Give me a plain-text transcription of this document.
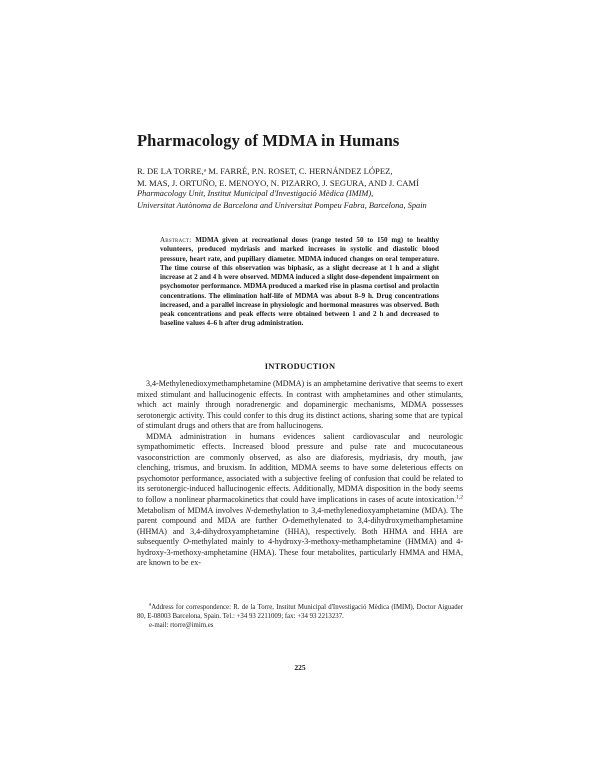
Pharmacology of MDMA in Humans
R. DE LA TORRE,ᵃ M. FARRÉ, P.N. ROSET, C. HERNÁNDEZ LÓPEZ,
M. MAS, J. ORTUÑO, E. MENOYO, N. PIZARRO, J. SEGURA, AND J. CAMÍ
Pharmacology Unit, Institut Municipal d'Investigació Mèdica (IMIM),
Universitat Autònoma de Barcelona and Universitat Pompeu Fabra, Barcelona, Spain
Abstract: MDMA given at recreational doses (range tested 50 to 150 mg) to healthy volunteers, produced mydriasis and marked increases in systolic and diastolic blood pressure, heart rate, and pupillary diameter. MDMA induced changes on oral temperature. The time course of this observation was biphasic, as a slight decrease at 1 h and a slight increase at 2 and 4 h were observed. MDMA induced a slight dose-dependent impairment on psychomotor performance. MDMA produced a marked rise in plasma cortisol and prolactin concentrations. The elimination half-life of MDMA was about 8–9 h. Drug concentrations increased, and a parallel increase in physiologic and hormonal measures was observed. Both peak concentrations and peak effects were obtained between 1 and 2 h and decreased to baseline values 4–6 h after drug administration.
INTRODUCTION

3,4-Methylenedioxymethamphetamine (MDMA) is an amphetamine derivative that seems to exert mixed stimulant and hallucinogenic effects. In contrast with amphetamines and other stimulants, which act mainly through noradrenergic and dopaminergic mechanisms, MDMA possesses serotonergic activity. This could confer to this drug its distinct actions, sharing some that are typical of stimulant drugs and others that are from hallucinogens.

MDMA administration in humans evidences salient cardiovascular and neurologic sympathomimetic effects. Increased blood pressure and pulse rate and mucocutaneous vasoconstriction are commonly observed, as also are diaforesis, mydriasis, dry mouth, jaw clenching, trismus, and bruxism. In addition, MDMA seems to have some deleterious effects on psychomotor performance, associated with a subjective feeling of confusion that could be related to its serotonergic-induced hallucinogenic effects. Additionally, MDMA disposition in the body seems to follow a nonlinear pharmacokinetics that could have implications in cases of acute intoxication.$^{1,2}$ Metabolism of MDMA involves N-demethylation to 3,4-methylenedioxyamphetamine (MDA). The parent compound and MDA are further O-demethylenated to 3,4-dihydroxymethamphetamine (HHMA) and 3,4-dihydroxyamphetamine (HHA), respectively. Both HHMA and HHA are subsequently O-methylated mainly to 4-hydroxy-3-methoxy-methamphetamine (HMMA) and 4-hydroxy-3-methoxy-amphetamine (HMA). These four metabolites, particularly HMMA and HMA, are known to be ex-

$^a$Address for correspondence: R. de la Torre, Institut Municipal d'Investigació Mèdica (IMIM), Doctor Aiguader 80, E-08003 Barcelona, Spain. Tel.: +34 93 2211009; fax: +34 93 2213237.

e-mail: rtorre@imim.es

225
